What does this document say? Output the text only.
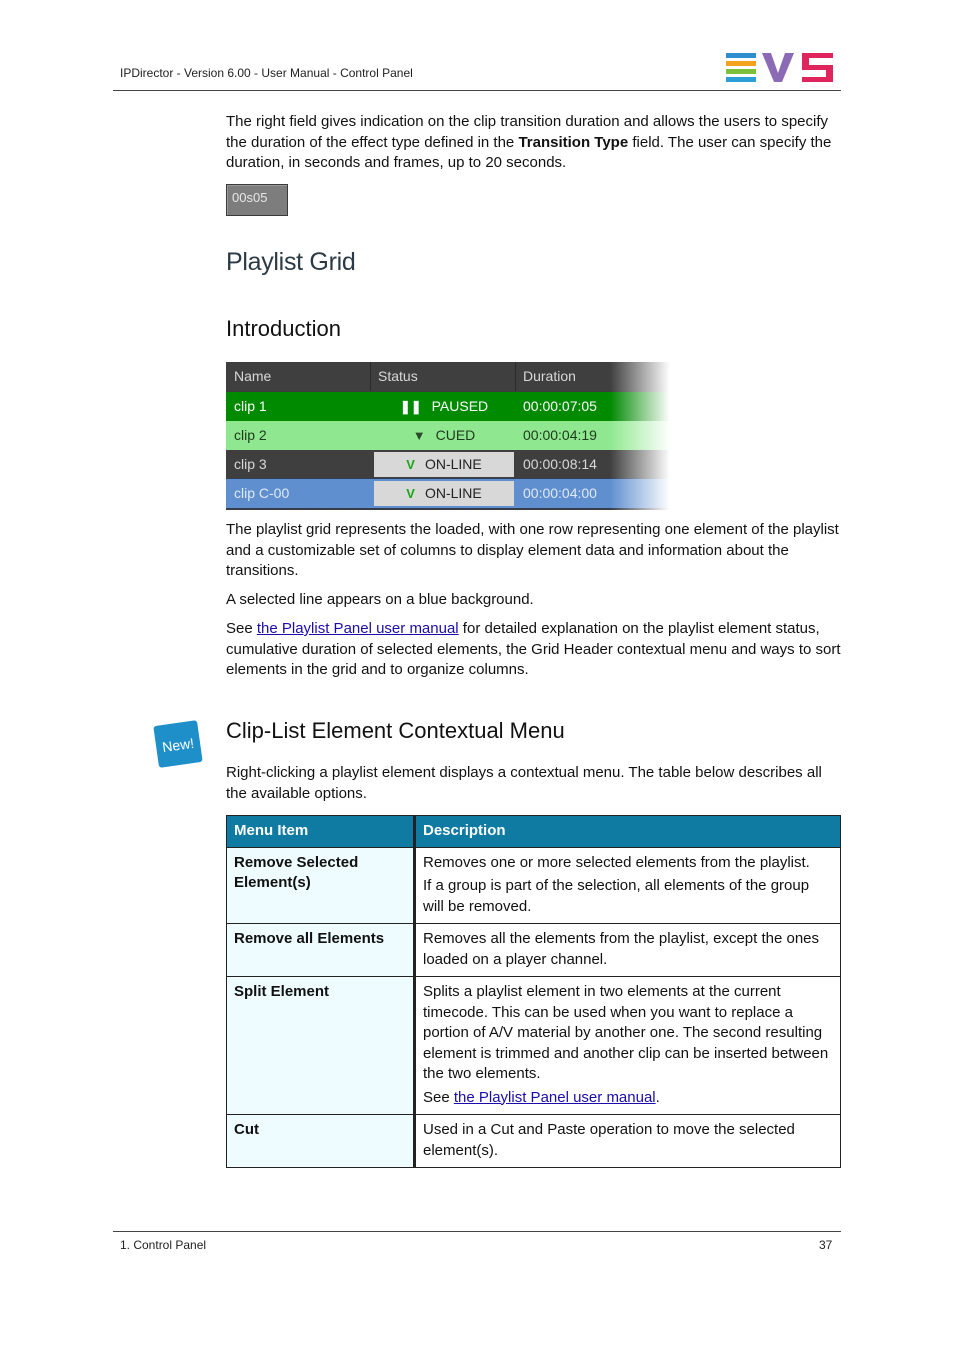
IPDirector - Version 6.00 - User Manual - Control Panel

The right field gives indication on the clip transition duration and allows the users to specify the duration of the effect type defined in the Transition Type field. The user can specify the duration, in seconds and frames, up to 20 seconds.

00s05
Playlist Grid
Introduction
Name	Status	Duration
clip 1	❚❚ PAUSED	00:00:07:05
clip 2	▼ CUED	00:00:04:19
clip 3	V ON-LINE	00:00:08:14
clip C-00	V ON-LINE	00:00:04:00

The playlist grid represents the loaded, with one row representing one element of the playlist and a customizable set of columns to display element data and information about the transitions.

A selected line appears on a blue background.

See the Playlist Panel user manual for detailed explanation on the playlist element status, cumulative duration of selected elements, the Grid Header contextual menu and ways to sort elements in the grid and to organize columns.

New!
Clip-List Element Contextual Menu

Right-clicking a playlist element displays a contextual menu. The table below describes all the available options.

Menu Item	Description
Remove Selected Element(s)	Removes one or more selected elements from the playlist.

If a group is part of the selection, all elements of the group will be removed.

Remove all Elements	Removes all the elements from the playlist, except the ones loaded on a player channel.

Split Element	Splits a playlist element in two elements at the current timecode. This can be used when you want to replace a portion of A/V material by another one. The second resulting element is trimmed and another clip can be inserted between the two elements.

See the Playlist Panel user manual.

Cut	Used in a Cut and Paste operation to move the selected element(s).

1. Control Panel	37
